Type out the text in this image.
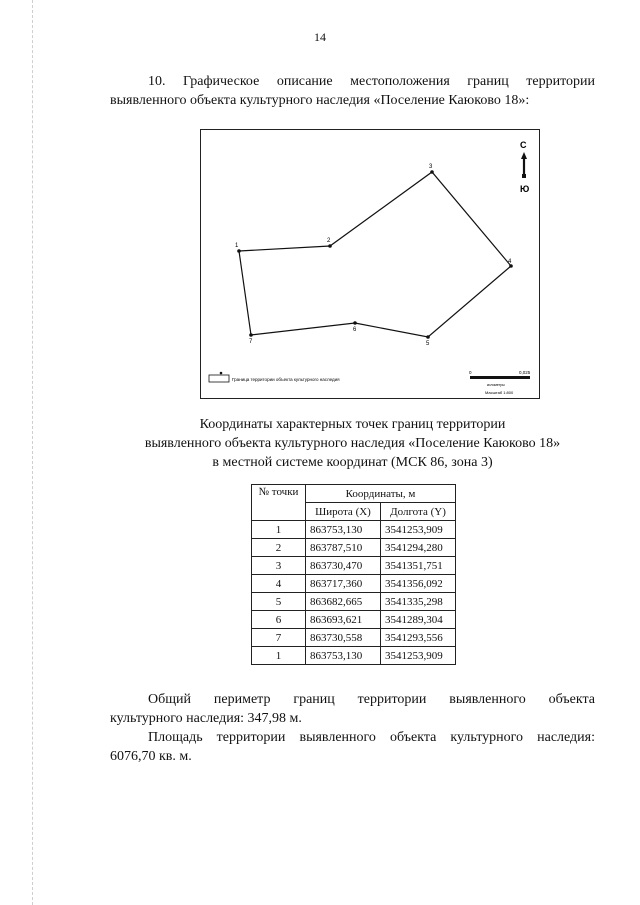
14
10. Графическое описание местоположения границ территории
выявленного объекта культурного наследия «Поселение Каюково 18»:
1
2
3
4
5
6
7
С
Ю
Граница территории объекта культурного наследия
0	0,025
километры
Масштаб 1:800
Координаты характерных точек границ территории
выявленного объекта культурного наследия «Поселение Каюково 18»
в местной системе координат (МСК 86, зона 3)
№ точки	Координаты, м	
	Широта (X)	Долгота (Y)
1	863753,130	3541253,909
2	863787,510	3541294,280
3	863730,470	3541351,751
4	863717,360	3541356,092
5	863682,665	3541335,298
6	863693,621	3541289,304
7	863730,558	3541293,556
1	863753,130	3541253,909
Общий периметр границ территории выявленного объекта
культурного наследия: 347,98 м.
Площадь территории выявленного объекта культурного наследия:
6076,70 кв. м.
